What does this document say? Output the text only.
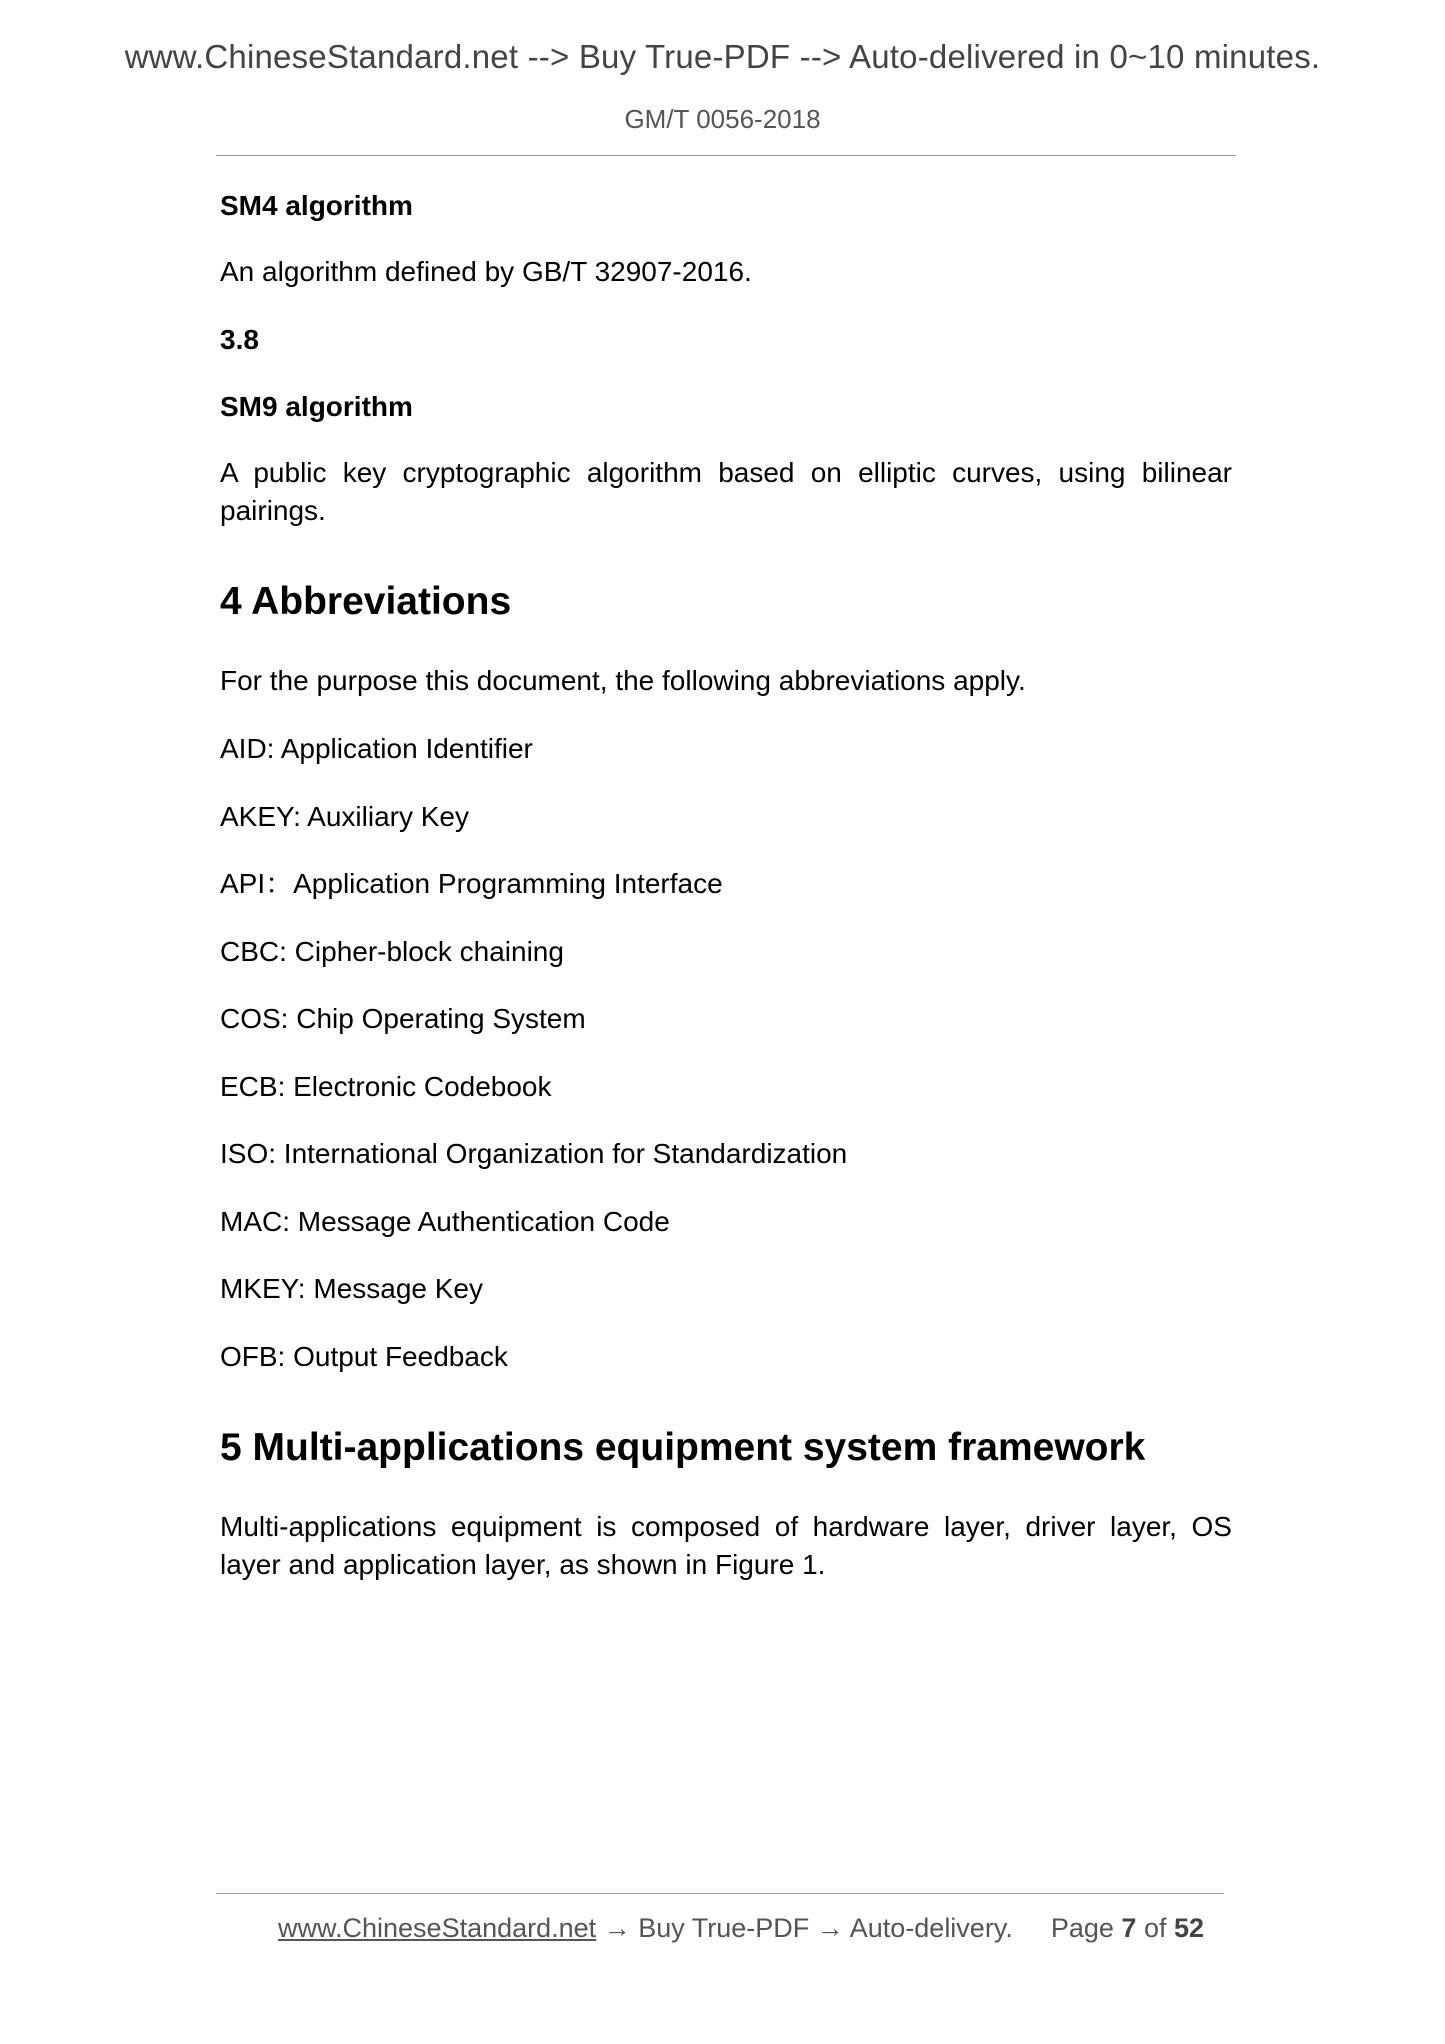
www.ChineseStandard.net --> Buy True-PDF --> Auto-delivered in 0~10 minutes.
GM/T 0056-2018
SM4 algorithm
An algorithm defined by GB/T 32907-2016.
3.8
SM9 algorithm
A public key cryptographic algorithm based on elliptic curves, using bilinear pairings.
4 Abbreviations
For the purpose this document, the following abbreviations apply.
AID: Application Identifier
AKEY: Auxiliary Key
API：Application Programming Interface
CBC: Cipher-block chaining
COS: Chip Operating System
ECB: Electronic Codebook
ISO: International Organization for Standardization
MAC: Message Authentication Code
MKEY: Message Key
OFB: Output Feedback
5 Multi-applications equipment system framework
Multi-applications equipment is composed of hardware layer, driver layer, OS layer and application layer, as shown in Figure 1.
www.ChineseStandard.net → Buy True-PDF → Auto-delivery. Page 7 of 52
